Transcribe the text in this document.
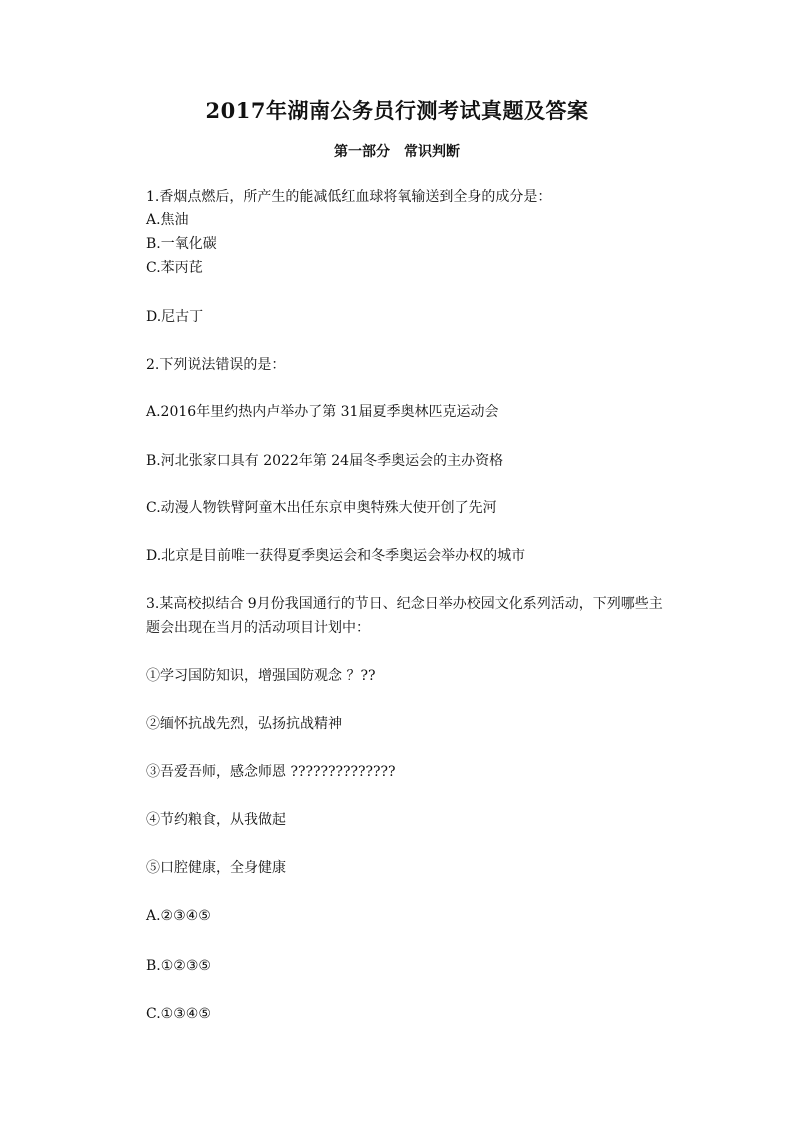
2017年湖南公务员行测考试真题及答案
第一部分　常识判断
1.香烟点燃后，所产生的能减低红血球将氧输送到全身的成分是：
A.焦油
B.一氧化碳
C.苯丙芘
D.尼古丁
2.下列说法错误的是：
A.2016年里约热内卢举办了第 31届夏季奥林匹克运动会
B.河北张家口具有 2022年第 24届冬季奥运会的主办资格
C.动漫人物铁臂阿童木出任东京申奥特殊大使开创了先河
D.北京是目前唯一获得夏季奥运会和冬季奥运会举办权的城市
3.某高校拟结合 9月份我国通行的节日、纪念日举办校园文化系列活动，下列哪些主
题会出现在当月的活动项目计划中：
①学习国防知识，增强国防观念 ？??
②缅怀抗战先烈，弘扬抗战精神
③吾爱吾师，感念师恩 ??????????????
④节约粮食，从我做起
⑤口腔健康，全身健康
A.②③④⑤
B.①②③⑤
C.①③④⑤
